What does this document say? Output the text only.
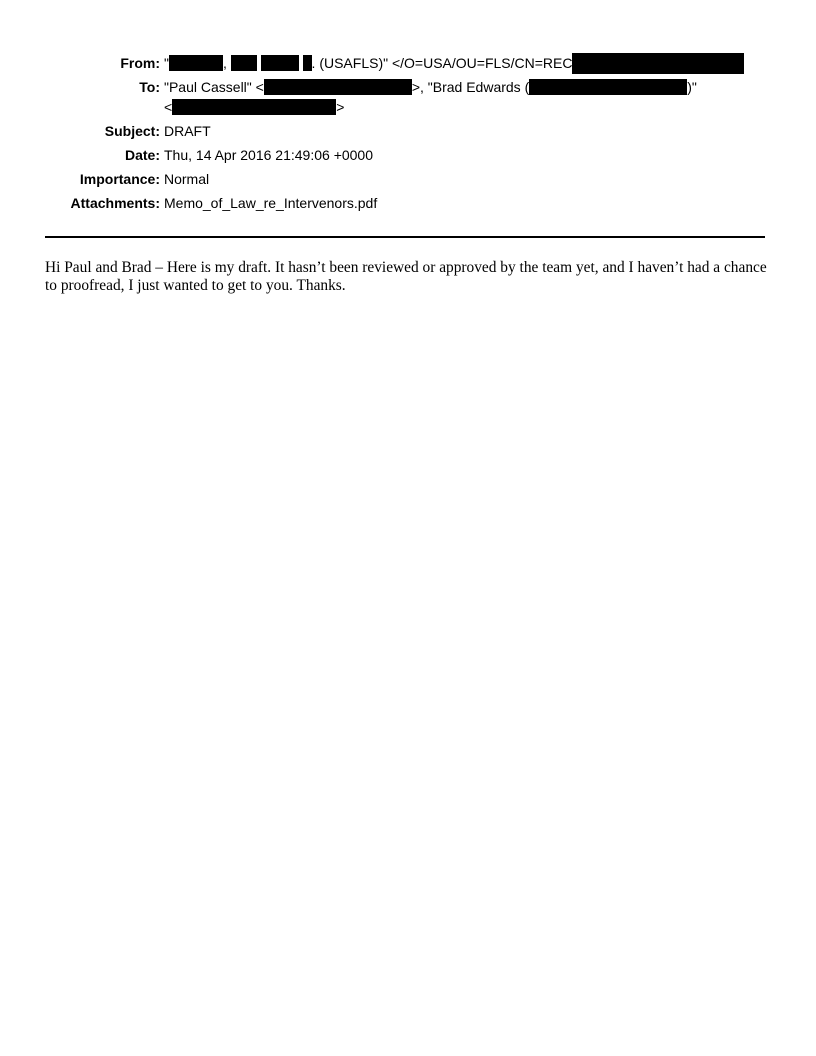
From: "	,	. (USAFLS)" </O=USA/OU=FLS/CN=REC
To: "Paul Cassell" <	>, "Brad Edwards (	)"
<	>
Subject: DRAFT
Date: Thu, 14 Apr 2016 21:49:06 +0000
Importance: Normal
Attachments: Memo_of_Law_re_Intervenors.pdf
Hi Paul and Brad – Here is my draft. It hasn’t been reviewed or approved by the team yet, and I haven’t had a chance to proofread, I just wanted to get to you. Thanks.
